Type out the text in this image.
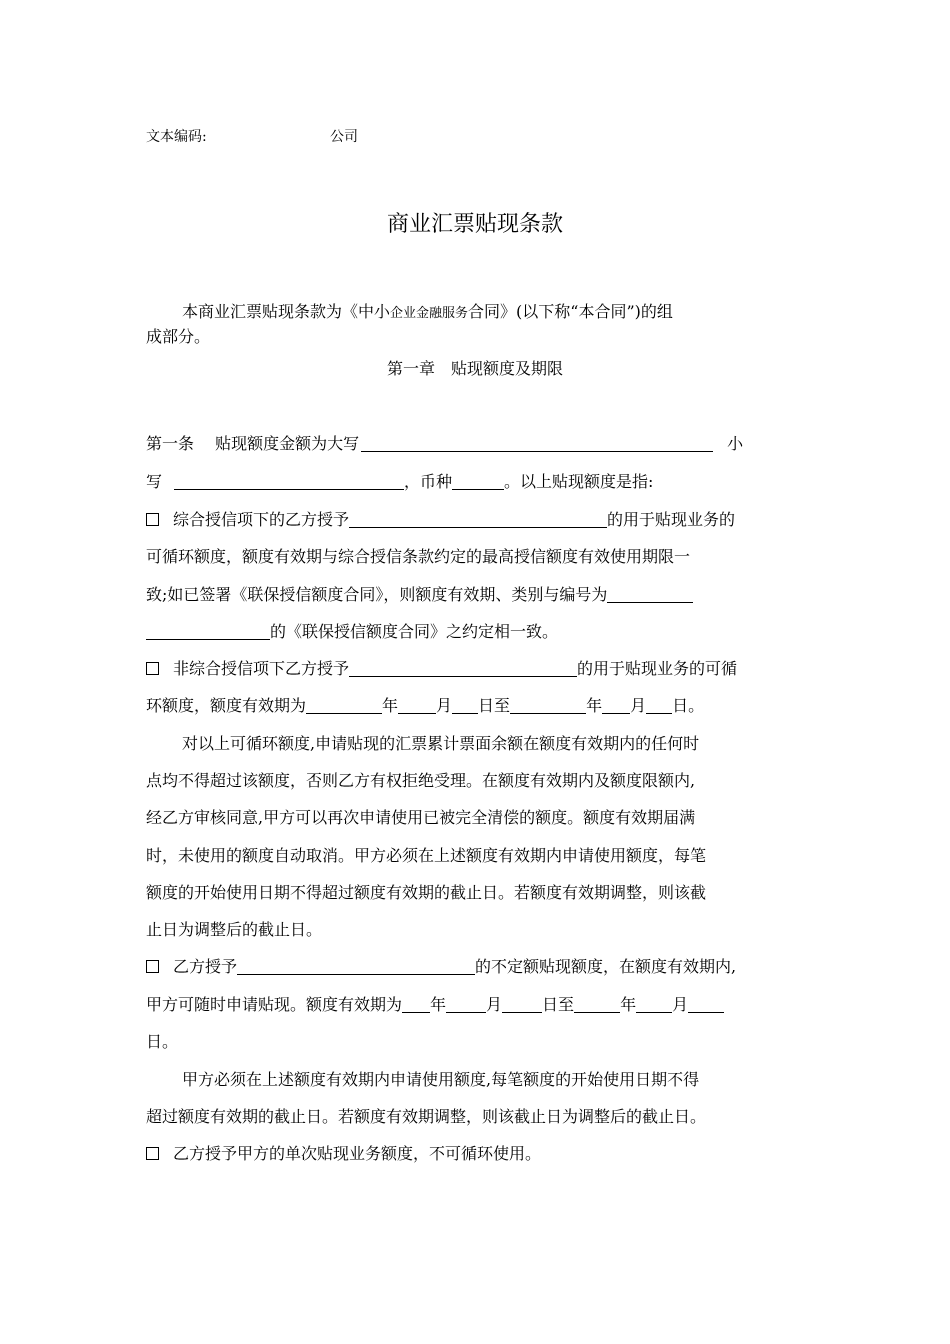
文本编码:	公司
商业汇票贴现条款
本商业汇票贴现条款为《中小企业金融服务合同》(以下称“本合同”)的组
成部分。
第一章　贴现额度及期限
第一条　 贴现额度金额为大写	小
写	，币种	。以上贴现额度是指:
综合授信项下的乙方授予	的用于贴现业务的
可循环额度，额度有效期与综合授信条款约定的最高授信额度有效使用期限一
致;如已签署《联保授信额度合同》，则额度有效期、类别与编号为
的《联保授信额度合同》之约定相一致。
非综合授信项下乙方授予	的用于贴现业务的可循
环额度，额度有效期为	年 月 日至	年 月 日。
对以上可循环额度,申请贴现的汇票累计票面余额在额度有效期内的任何时
点均不得超过该额度，否则乙方有权拒绝受理。在额度有效期内及额度限额内,
经乙方审核同意,甲方可以再次申请使用已被完全清偿的额度。额度有效期届满
时，未使用的额度自动取消。甲方必须在上述额度有效期内申请使用额度，每笔
额度的开始使用日期不得超过额度有效期的截止日。若额度有效期调整，则该截
止日为调整后的截止日。
乙方授予	的不定额贴现额度，在额度有效期内,
甲方可随时申请贴现。额度有效期为 年	月	日至	年 月
日。
甲方必须在上述额度有效期内申请使用额度,每笔额度的开始使用日期不得
超过额度有效期的截止日。若额度有效期调整，则该截止日为调整后的截止日。
乙方授予甲方的单次贴现业务额度，不可循环使用。
